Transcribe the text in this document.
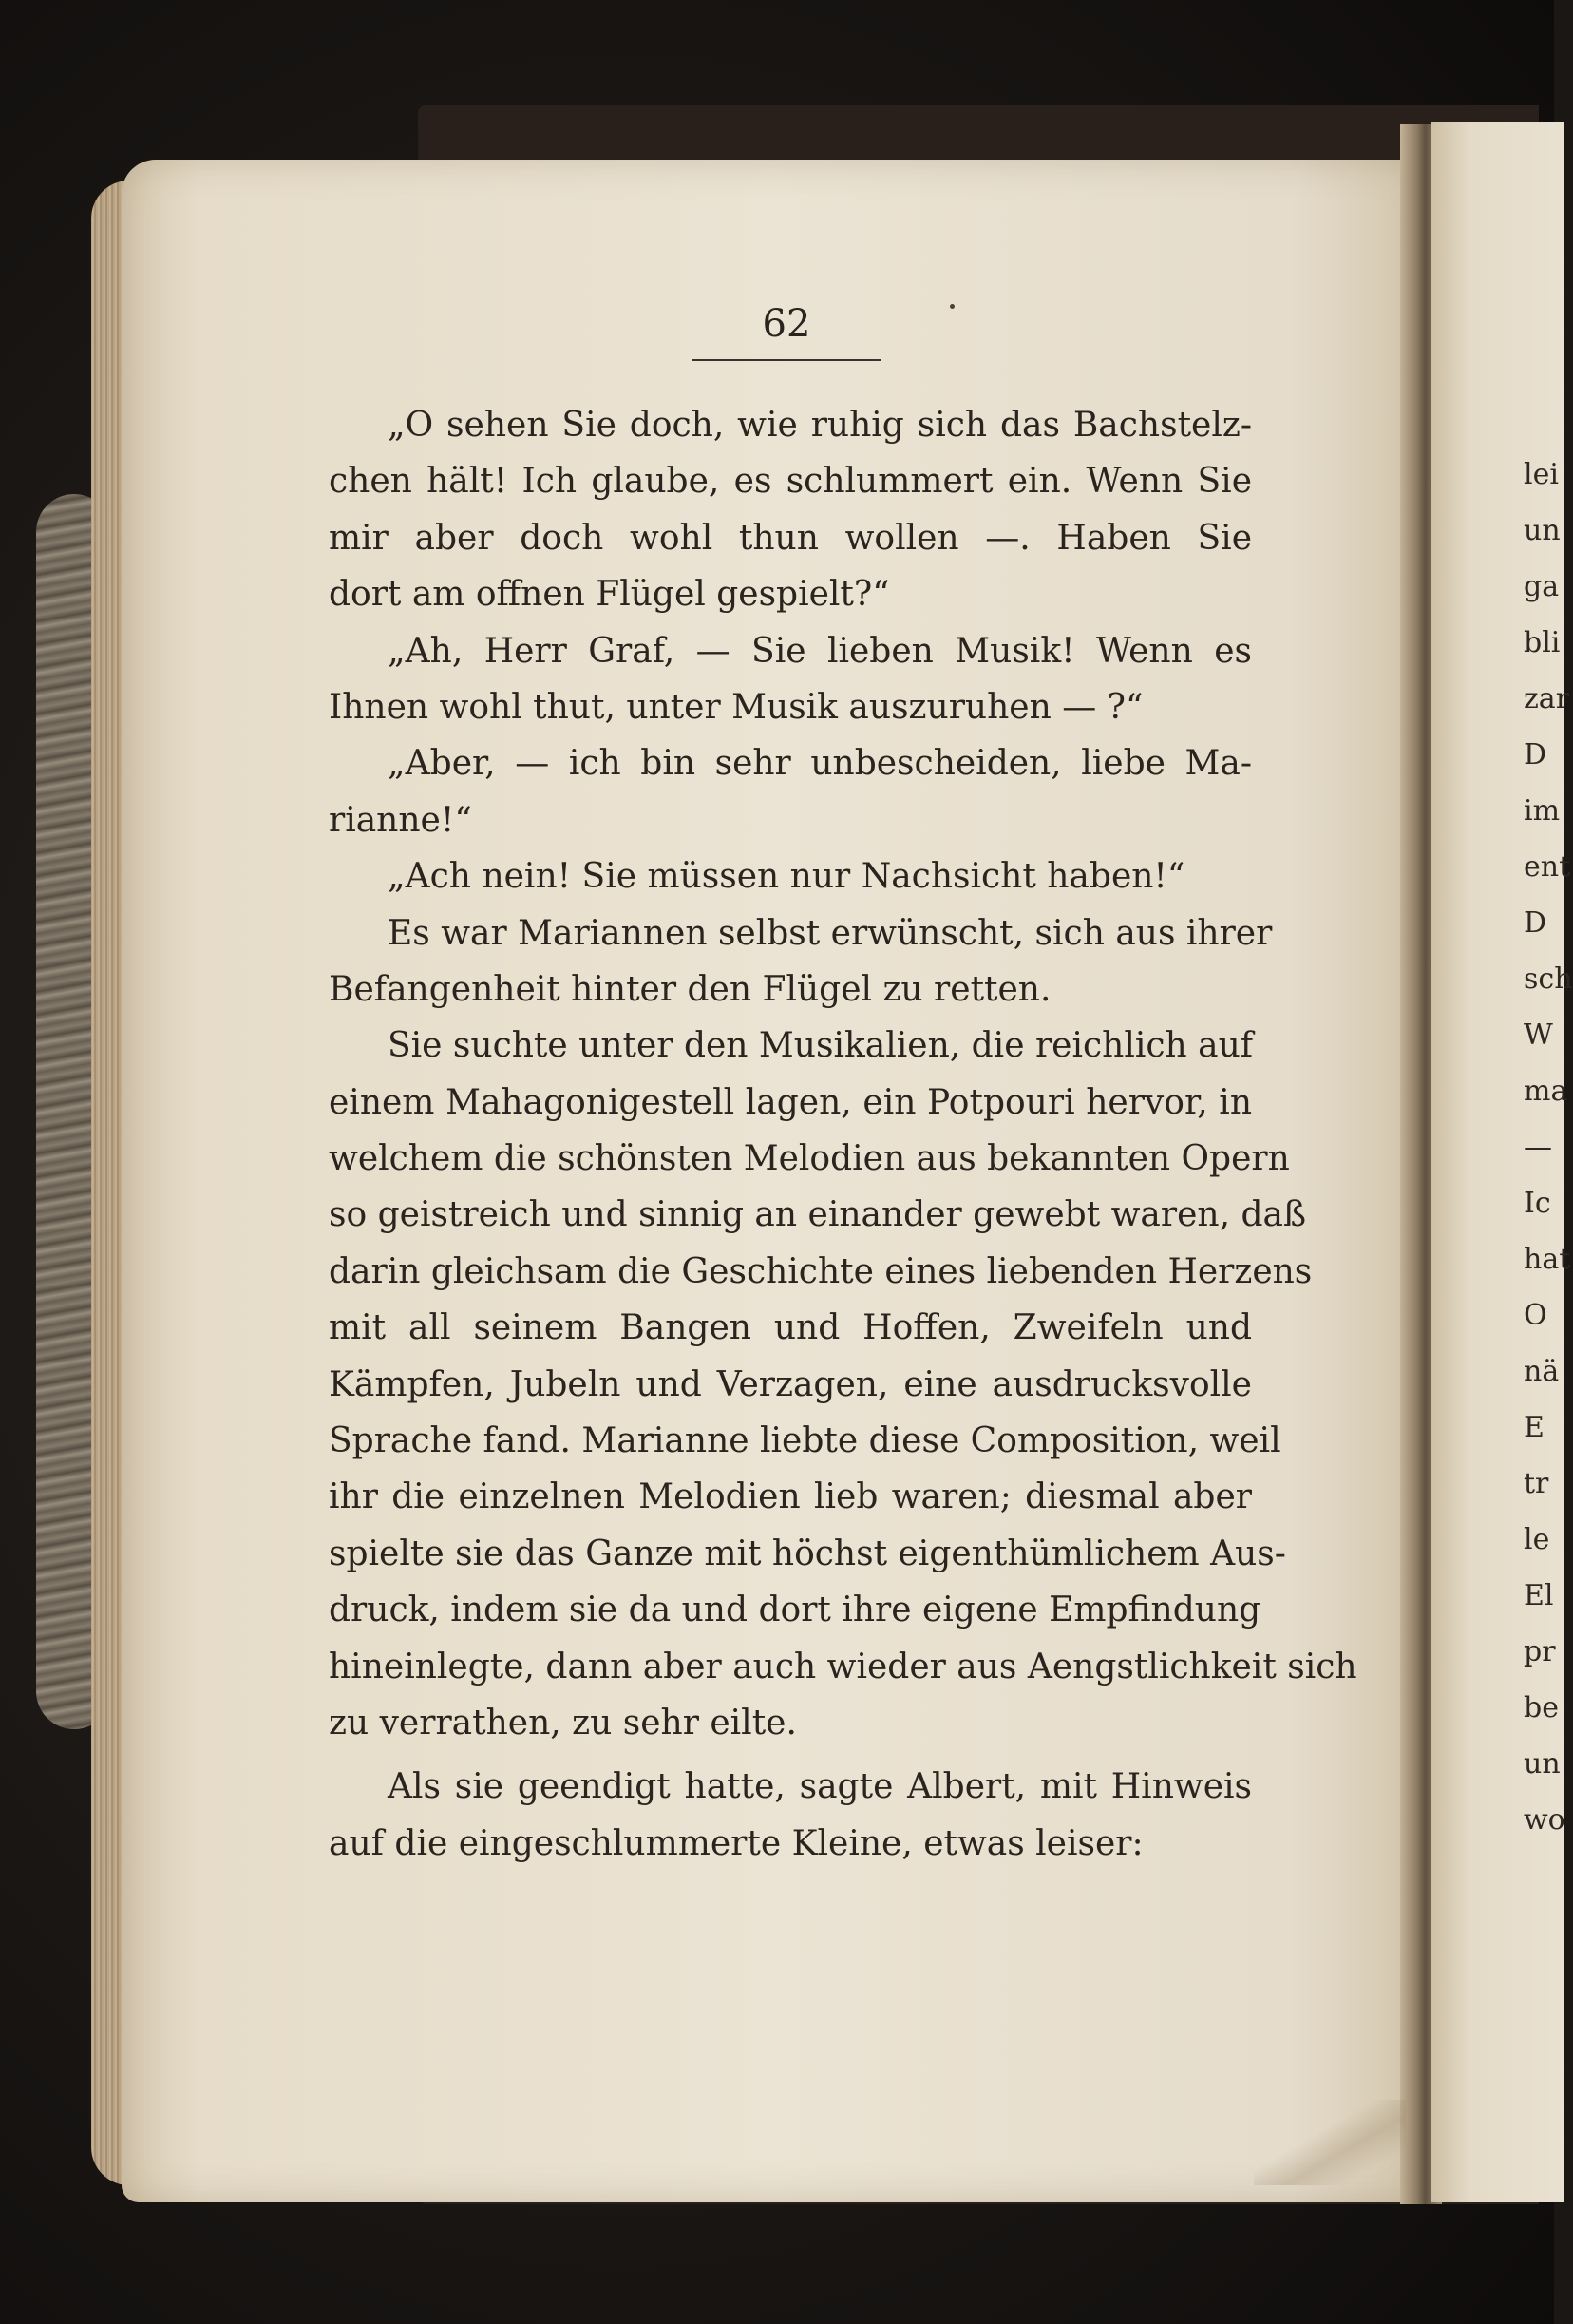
62
„O sehen Sie doch, wie ruhig sich das Bachstelz-
chen hält! Ich glaube, es schlummert ein. Wenn Sie
mir aber doch wohl thun wollen —. Haben Sie
dort am offnen Flügel gespielt?“
„Ah, Herr Graf, — Sie lieben Musik! Wenn es
Ihnen wohl thut, unter Musik auszuruhen — ?“
„Aber, — ich bin sehr unbescheiden, liebe Ma-
rianne!“
„Ach nein! Sie müssen nur Nachsicht haben!“
Es war Mariannen selbst erwünscht, sich aus ihrer
Befangenheit hinter den Flügel zu retten.
Sie suchte unter den Musikalien, die reichlich auf
einem Mahagonigestell lagen, ein Potpouri hervor, in
welchem die schönsten Melodien aus bekannten Opern
so geistreich und sinnig an einander gewebt waren, daß
darin gleichsam die Geschichte eines liebenden Herzens
mit all seinem Bangen und Hoffen, Zweifeln und
Kämpfen, Jubeln und Verzagen, eine ausdrucksvolle
Sprache fand. Marianne liebte diese Composition, weil
ihr die einzelnen Melodien lieb waren; diesmal aber
spielte sie das Ganze mit höchst eigenthümlichem Aus-
druck, indem sie da und dort ihre eigene Empfindung
hineinlegte, dann aber auch wieder aus Aengstlichkeit sich
zu verrathen, zu sehr eilte.
Als sie geendigt hatte, sagte Albert, mit Hinweis
auf die eingeschlummerte Kleine, etwas leiser:
lei
un
ga
bli
zar
D
im
ent
D
sch
W
ma
—
Ic
hat
O
nä
E
tr
le
El
pr
be
un
wo
